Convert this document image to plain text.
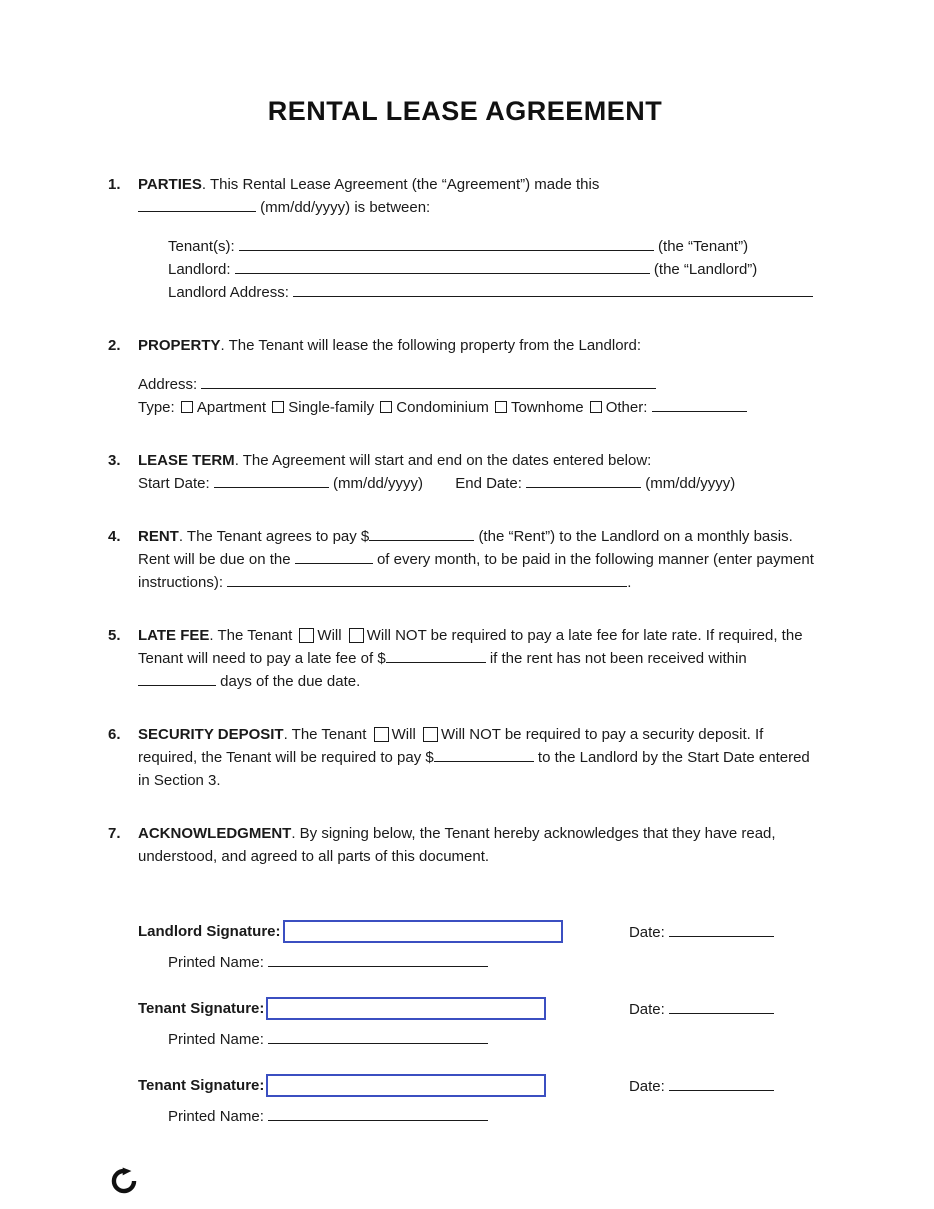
RENTAL LEASE AGREEMENT
1. PARTIES. This Rental Lease Agreement (the “Agreement”) made this
(mm/dd/yyyy) is between:

Tenant(s):	(the “Tenant”)
Landlord:	(the “Landlord”)
Landlord Address:
2. PROPERTY. The Tenant will lease the following property from the Landlord:

Address:
Type: Apartment Single-family Condominium Townhome Other:
3. LEASE TERM. The Agreement will start and end on the dates entered below:
Start Date:	(mm/dd/yyyy) End Date:	(mm/dd/yyyy)

4. RENT. The Tenant agrees to pay $	(the “Rent”) to the Landlord on a monthly basis. Rent will be due on the	of every month, to be paid in the following manner (enter payment instructions):	.

5. LATE FEE. The Tenant Will Will NOT be required to pay a late fee for late rate. If required, the Tenant will need to pay a late fee of $	if the rent has not been received within  days of the due date.

6. SECURITY DEPOSIT. The Tenant Will Will NOT be required to pay a security deposit. If required, the Tenant will be required to pay $	to the Landlord by the Start Date entered in Section 3.

7. ACKNOWLEDGMENT. By signing below, the Tenant hereby acknowledges that they have read, understood, and agreed to all parts of this document.

Landlord Signature:	Date:
Printed Name:
Tenant Signature:	Date:
Printed Name:
Tenant Signature:	Date:
Printed Name:
